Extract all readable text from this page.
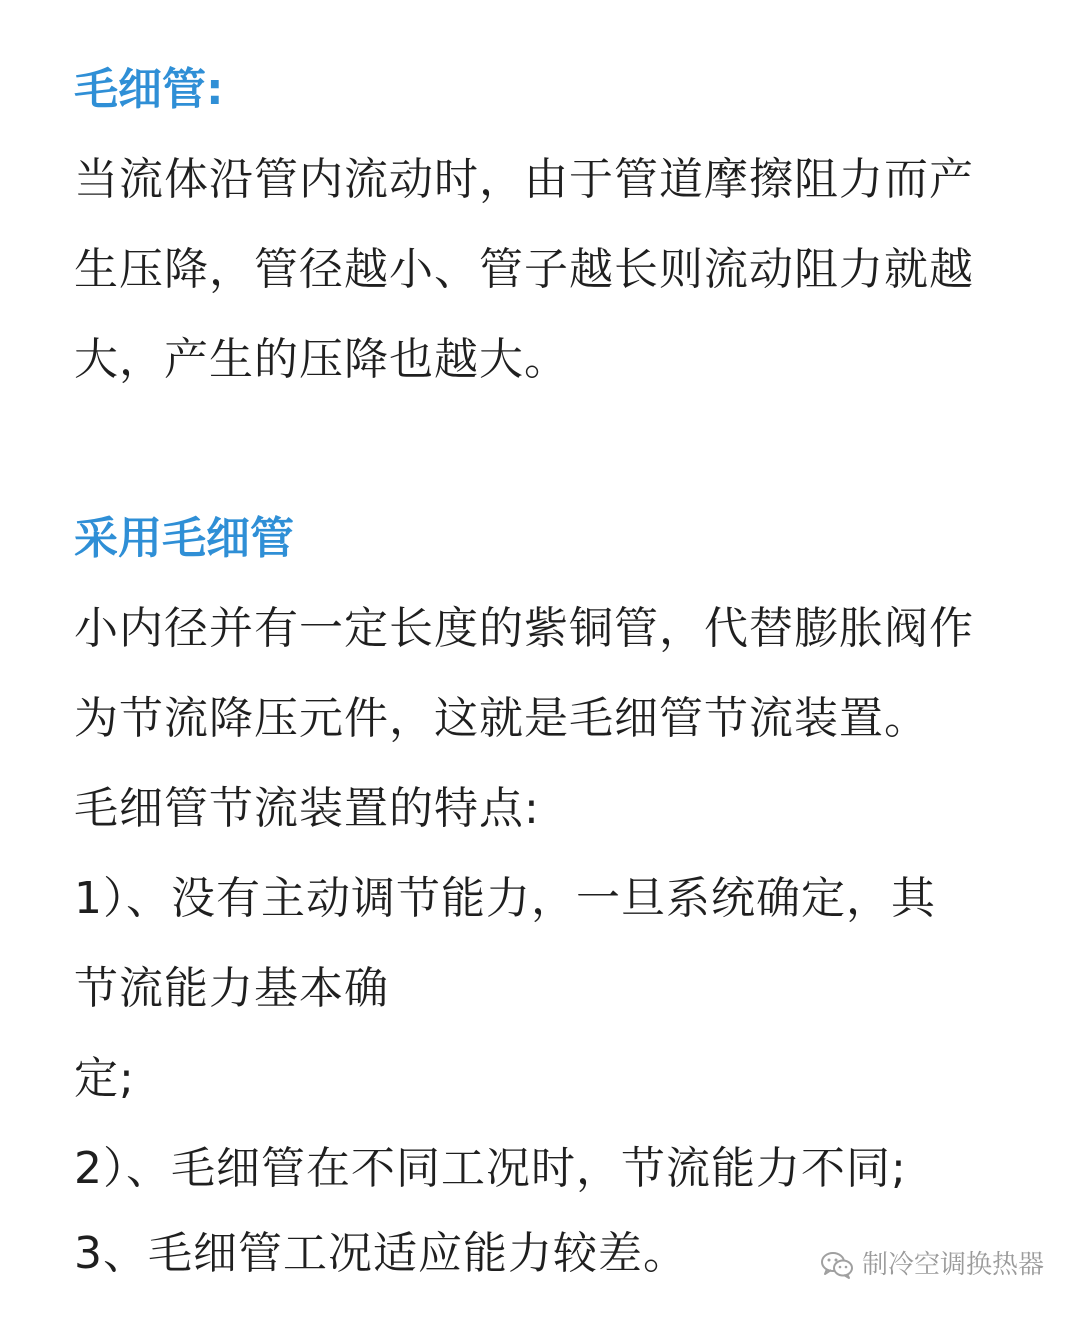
毛细管:
当流体沿管内流动时，由于管道摩擦阻力而产
生压降，管径越小、管子越长则流动阻力就越
大，产生的压降也越大。
采用毛细管
小内径并有一定长度的紫铜管，代替膨胀阀作
为节流降压元件，这就是毛细管节流装置。
毛细管节流装置的特点:
1）、没有主动调节能力，一旦系统确定，其
节流能力基本确
定;
2）、毛细管在不同工况时，节流能力不同;
3、毛细管工况适应能力较差。	制冷空调换热器
